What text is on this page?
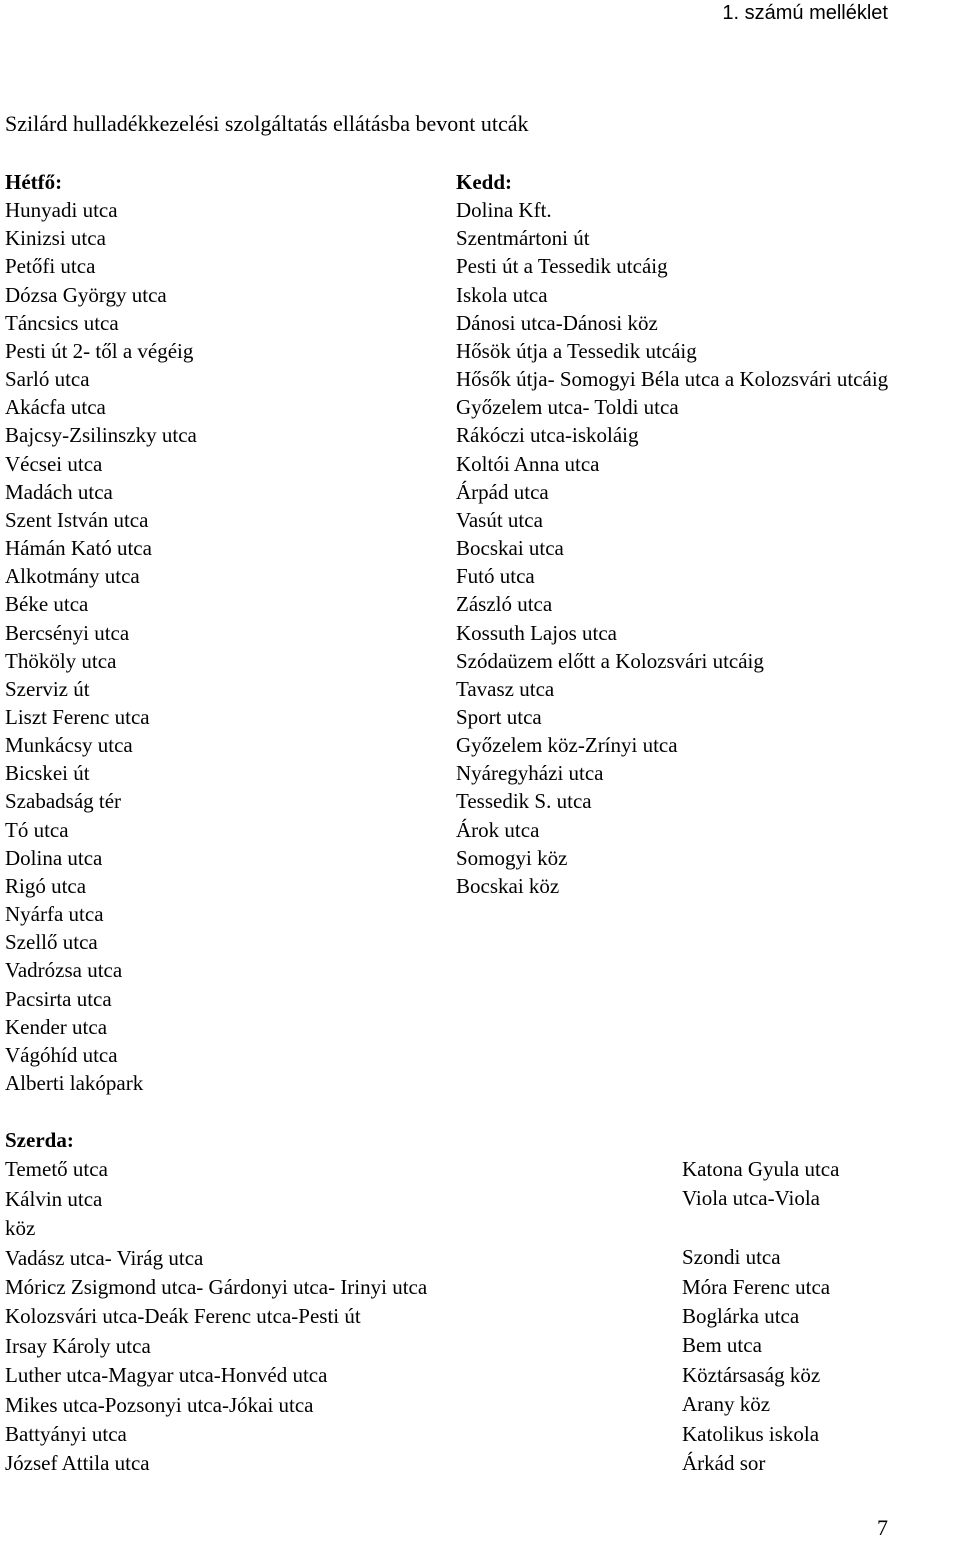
1. számú melléklet
Szilárd hulladékkezelési szolgáltatás ellátásba bevont utcák
Hétfő:
Hunyadi utca
Kinizsi utca
Petőfi utca
Dózsa György utca
Táncsics utca
Pesti út 2- től a végéig
Sarló utca
Akácfa utca
Bajcsy-Zsilinszky utca
Vécsei utca
Madách utca
Szent István utca
Hámán Kató utca
Alkotmány utca
Béke utca
Bercsényi utca
Thököly utca
Szerviz út
Liszt Ferenc utca
Munkácsy utca
Bicskei út
Szabadság tér
Tó utca
Dolina utca
Rigó utca
Nyárfa utca
Szellő utca
Vadrózsa utca
Pacsirta utca
Kender utca
Vágóhíd utca
Alberti lakópark
Kedd:
Dolina Kft.
Szentmártoni út
Pesti út a Tessedik utcáig
Iskola utca
Dánosi utca-Dánosi köz
Hősök útja a Tessedik utcáig
Hősők útja- Somogyi Béla utca a Kolozsvári utcáig
Győzelem utca- Toldi utca
Rákóczi utca-iskoláig
Koltói Anna utca
Árpád utca
Vasút utca
Bocskai utca
Futó utca
Zászló utca
Kossuth Lajos utca
Szódaüzem előtt a Kolozsvári utcáig
Tavasz utca
Sport utca
Győzelem köz-Zrínyi utca
Nyáregyházi utca
Tessedik S. utca
Árok utca
Somogyi köz
Bocskai köz
Szerda:
Temető utca
Kálvin utca
köz
Vadász utca- Virág utca
Móricz Zsigmond utca- Gárdonyi utca- Irinyi utca
Kolozsvári utca-Deák Ferenc utca-Pesti út
Irsay Károly utca
Luther utca-Magyar utca-Honvéd utca
Mikes utca-Pozsonyi utca-Jókai utca
Battyányi utca
József Attila utca
Katona Gyula utca
Viola utca-Viola

Szondi utca
Móra Ferenc utca
Boglárka utca
Bem utca
Köztársaság köz
Arany köz
Katolikus iskola
Árkád sor
7
